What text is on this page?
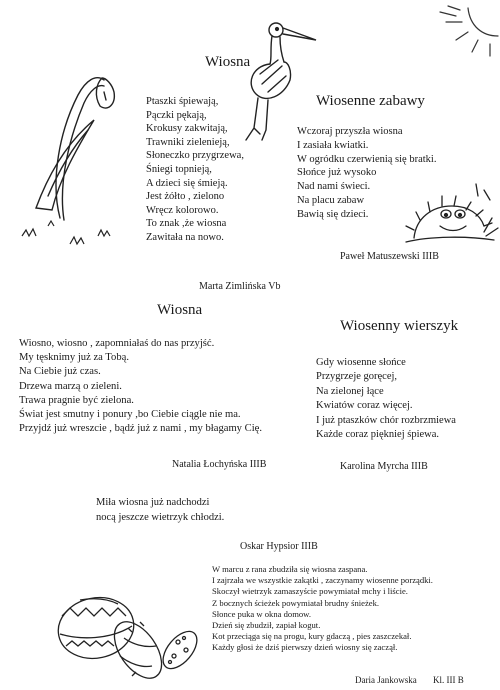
Wiosna
Ptaszki śpiewają,
Pączki pękają,
Krokusy zakwitają,
Trawniki zielenieją,
Słoneczko przygrzewa,
Śniegi topnieją,
A dzieci się śmieją.
Jest żółto , zielono
Wręcz kolorowo.
To znak ,że wiosna
Zawitała na nowo.
Marta Zimlińska Vb
Wiosenne zabawy
Wczoraj przyszła wiosna
I zasiała kwiatki.
W ogródku czerwienią się bratki.
Słońce już wysoko
Nad nami świeci.
Na placu zabaw
Bawią się dzieci.
Paweł Matuszewski IIIB
Wiosna
Wiosno, wiosno , zapomniałaś do nas przyjść.
My tęsknimy już za Tobą.
Na Ciebie już czas.
Drzewa marzą o zieleni.
Trawa pragnie być zielona.
Świat jest smutny i ponury ,bo Ciebie ciągle nie ma.
Przyjdź już wreszcie , bądź już z nami , my błagamy Cię.
Natalia Łochyńska IIIB
Wiosenny wierszyk
Gdy wiosenne słońce
Przygrzeje goręcej,
Na zielonej łące
Kwiatów coraz więcej.
I już ptaszków chór rozbrzmiewa
Każde coraz piękniej śpiewa.
Karolina Myrcha IIIB
Miła wiosna już nadchodzi
nocą jeszcze wietrzyk chłodzi.
Oskar Hypsior IIIB
W marcu z rana zbudziła się wiosna zaspana.
I zajrzała we wszystkie zakątki , zaczynamy wiosenne porządki.
Skoczył wietrzyk zamaszyście powymiatał mchy i liście.
Z bocznych ścieżek powymiatał brudny śnieżek.
Słonce puka w okna domow.
Dzień się zbudził, zapiał kogut.
Kot przeciąga się na progu, kury gdaczą , pies zaszczekał.
Każdy głosi że dziś pierwszy dzień wiosny się zaczął.
Daria Jankowska Kl. III B
